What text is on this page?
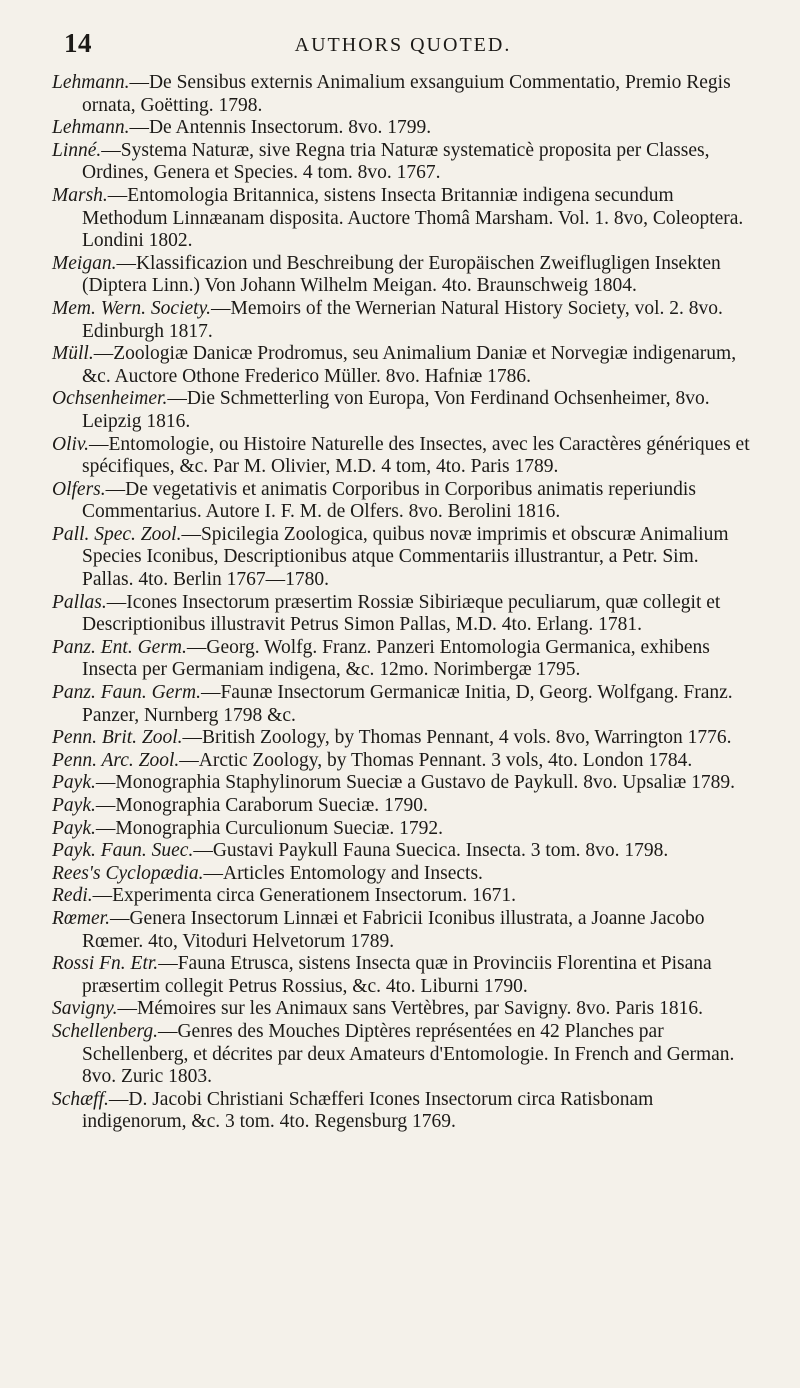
14	AUTHORS QUOTED.

Lehmann.—De Sensibus externis Animalium exsanguium Commentatio, Premio Regis ornata, Goëtting. 1798.

Lehmann.—De Antennis Insectorum. 8vo. 1799.

Linné.—Systema Naturæ, sive Regna tria Naturæ systematicè proposita per Classes, Ordines, Genera et Species. 4 tom. 8vo. 1767.

Marsh.—Entomologia Britannica, sistens Insecta Britanniæ indigena secundum Methodum Linnæanam disposita. Auctore Thomâ Marsham. Vol. 1. 8vo, Coleoptera. Londini 1802.

Meigan.—Klassificazion und Beschreibung der Europäischen Zweiflugligen Insekten (Diptera Linn.) Von Johann Wilhelm Meigan. 4to. Braunschweig 1804.

Mem. Wern. Society.—Memoirs of the Wernerian Natural History Society, vol. 2. 8vo. Edinburgh 1817.

Müll.—Zoologiæ Danicæ Prodromus, seu Animalium Daniæ et Norvegiæ indigenarum, &c. Auctore Othone Frederico Müller. 8vo. Hafniæ 1786.

Ochsenheimer.—Die Schmetterling von Europa, Von Ferdinand Ochsenheimer, 8vo. Leipzig 1816.

Oliv.—Entomologie, ou Histoire Naturelle des Insectes, avec les Caractères génériques et spécifiques, &c. Par M. Olivier, M.D. 4 tom, 4to. Paris 1789.

Olfers.—De vegetativis et animatis Corporibus in Corporibus animatis reperiundis Commentarius. Autore I. F. M. de Olfers. 8vo. Berolini 1816.

Pall. Spec. Zool.—Spicilegia Zoologica, quibus novæ imprimis et obscuræ Animalium Species Iconibus, Descriptionibus atque Commentariis illustrantur, a Petr. Sim. Pallas. 4to. Berlin 1767—1780.

Pallas.—Icones Insectorum præsertim Rossiæ Sibiriæque peculiarum, quæ collegit et Descriptionibus illustravit Petrus Simon Pallas, M.D. 4to. Erlang. 1781.

Panz. Ent. Germ.—Georg. Wolfg. Franz. Panzeri Entomologia Germanica, exhibens Insecta per Germaniam indigena, &c. 12mo. Norimbergæ 1795.

Panz. Faun. Germ.—Faunæ Insectorum Germanicæ Initia, D, Georg. Wolfgang. Franz. Panzer, Nurnberg 1798 &c.

Penn. Brit. Zool.—British Zoology, by Thomas Pennant, 4 vols. 8vo, Warrington 1776.

Penn. Arc. Zool.—Arctic Zoology, by Thomas Pennant. 3 vols, 4to. London 1784.

Payk.—Monographia Staphylinorum Sueciæ a Gustavo de Paykull. 8vo. Upsaliæ 1789.

Payk.—Monographia Caraborum Sueciæ. 1790.

Payk.—Monographia Curculionum Sueciæ. 1792.

Payk. Faun. Suec.—Gustavi Paykull Fauna Suecica. Insecta. 3 tom. 8vo. 1798.

Rees's Cyclopædia.—Articles Entomology and Insects.

Redi.—Experimenta circa Generationem Insectorum. 1671.

Rœmer.—Genera Insectorum Linnæi et Fabricii Iconibus illustrata, a Joanne Jacobo Rœmer. 4to, Vitoduri Helvetorum 1789.

Rossi Fn. Etr.—Fauna Etrusca, sistens Insecta quæ in Provinciis Florentina et Pisana præsertim collegit Petrus Rossius, &c. 4to. Liburni 1790.

Savigny.—Mémoires sur les Animaux sans Vertèbres, par Savigny. 8vo. Paris 1816.

Schellenberg.—Genres des Mouches Diptères représentées en 42 Planches par Schellenberg, et décrites par deux Amateurs d'Entomologie. In French and German. 8vo. Zuric 1803.

Schæff.—D. Jacobi Christiani Schæfferi Icones Insectorum circa Ratisbonam indigenorum, &c. 3 tom. 4to. Regensburg 1769.
